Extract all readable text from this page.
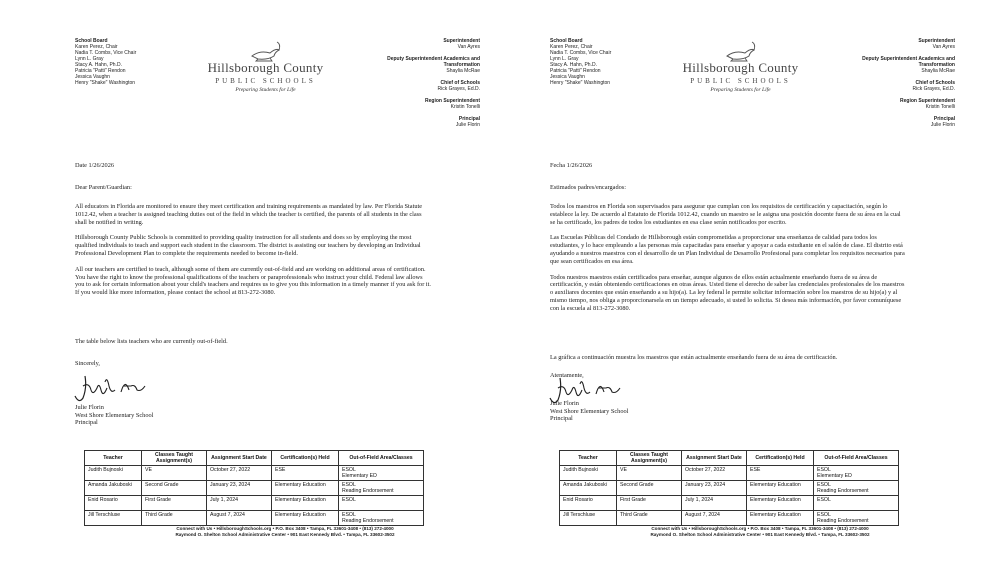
School Board
Karen Perez, Chair
Nadia T. Combs, Vice Chair
Lynn L. Gray
Stacy A. Hahn, Ph.D.
Patricia "Patti" Rendon
Jessica Vaughn
Henry "Shake" Washington
Hillsborough County
PUBLIC SCHOOLS
Preparing Students for Life
Superintendent
Van Ayres
Deputy Superintendent Academics and Transformation
Shaylia McRae
Chief of Schools
Rick Grayes, Ed.D.
Region Superintendent
Kristin Tonelli
Principal
Julie Florin
Date 1/26/2026
Dear Parent/Guardian:

All educators in Florida are monitored to ensure they meet certification and training requirements as mandated by law. Per Florida Statute 1012.42, when a teacher is assigned teaching duties out of the field in which the teacher is certified, the parents of all students in the class shall be notified in writing.

Hillsborough County Public Schools is committed to providing quality instruction for all students and does so by employing the most qualified individuals to teach and support each student in the classroom. The district is assisting our teachers by developing an Individual Professional Development Plan to complete the requirements needed to become in-field.

All our teachers are certified to teach, although some of them are currently out-of-field and are working on additional areas of certification. You have the right to know the professional qualifications of the teachers or paraprofessionals who instruct your child. Federal law allows you to ask for certain information about your child's teachers and requires us to give you this information in a timely manner if you ask for it. If you would like more information, please contact the school at 813-272-3080.

The table below lists teachers who are currently out-of-field.
Sincerely,
Julie Florin
West Shore Elementary School
Principal
Teacher	Classes Taught Assignment(s)	Assignment Start Date	Certification(s) Held	Out-of-Field Area/Classes

Judith Bujnoski	VE	October 27, 2022	ESE	ESOL
Elementary ED

Amanda Jakuboski	Second Grade	January 23, 2024	Elementary Education	ESOL
Reading Endorsement

Enid Rosario	First Grade	July 1, 2024	Elementary Education	ESOL

Jill Terschluse	Third Grade	August 7, 2024	Elementary Education	ESOL
Reading Endorsement
Connect with Us • HillsboroughSchools.org • P.O. Box 3408 • Tampa, FL 33601-3408 • (813) 272-4000
Raymond O. Shelton School Administrative Center • 901 East Kennedy Blvd. • Tampa, FL 33602-3502
School Board
Karen Perez, Chair
Nadia T. Combs, Vice Chair
Lynn L. Gray
Stacy A. Hahn, Ph.D.
Patricia "Patti" Rendon
Jessica Vaughn
Henry "Shake" Washington
Hillsborough County
PUBLIC SCHOOLS
Preparing Students for Life
Superintendent
Van Ayres
Deputy Superintendent Academics and Transformation
Shaylia McRae
Chief of Schools
Rick Grayes, Ed.D.
Region Superintendent
Kristin Tonelli
Principal
Julie Florin
Fecha 1/26/2026
Estimados padres/encargados:

Todos los maestros en Florida son supervisados para asegurar que cumplan con los requisitos de certificación y capacitación, según lo establece la ley. De acuerdo al Estatuto de Florida 1012.42, cuando un maestro se le asigna una posición docente fuera de su área en la cual se ha certificado, los padres de todos los estudiantes en esa clase serán notificados por escrito.

Las Escuelas Públicas del Condado de Hillsborough están comprometidas a proporcionar una enseñanza de calidad para todos los estudiantes, y lo hace empleando a las personas más capacitadas para enseñar y apoyar a cada estudiante en el salón de clase. El distrito está ayudando a nuestros maestros con el desarrollo de un Plan Individual de Desarrollo Profesional para completar los requisitos necesarios para que sean certificados en esa área.

Todos nuestros maestros están certificados para enseñar, aunque algunos de ellos están actualmente enseñando fuera de su área de certificación, y están obteniendo certificaciones en otras áreas. Usted tiene el derecho de saber las credenciales profesionales de los maestros o auxiliares docentes que están enseñando a su hijo(a). La ley federal le permite solicitar información sobre los maestros de su hijo(a) y al mismo tiempo, nos obliga a proporcionarsela en un tiempo adecuado, si usted lo solicita. Si desea más información, por favor comuníquese con la escuela al 813-272-3080.

La gráfica a continuación muestra los maestros que están actualmente enseñando fuera de su área de certificación.
Atentamente,
Julie Florin
West Shore Elementary School
Principal
Teacher	Classes Taught Assignment(s)	Assignment Start Date	Certification(s) Held	Out-of-Field Area/Classes

Judith Bujnoski	VE	October 27, 2022	ESE	ESOL
Elementary ED

Amanda Jakuboski	Second Grade	January 23, 2024	Elementary Education	ESOL
Reading Endorsement

Enid Rosario	First Grade	July 1, 2024	Elementary Education	ESOL

Jill Terschluse	Third Grade	August 7, 2024	Elementary Education	ESOL
Reading Endorsement
Connect with Us • HillsboroughSchools.org • P.O. Box 3408 • Tampa, FL 33601-3408 • (813) 272-4000
Raymond O. Shelton School Administrative Center • 901 East Kennedy Blvd. • Tampa, FL 33602-3502
